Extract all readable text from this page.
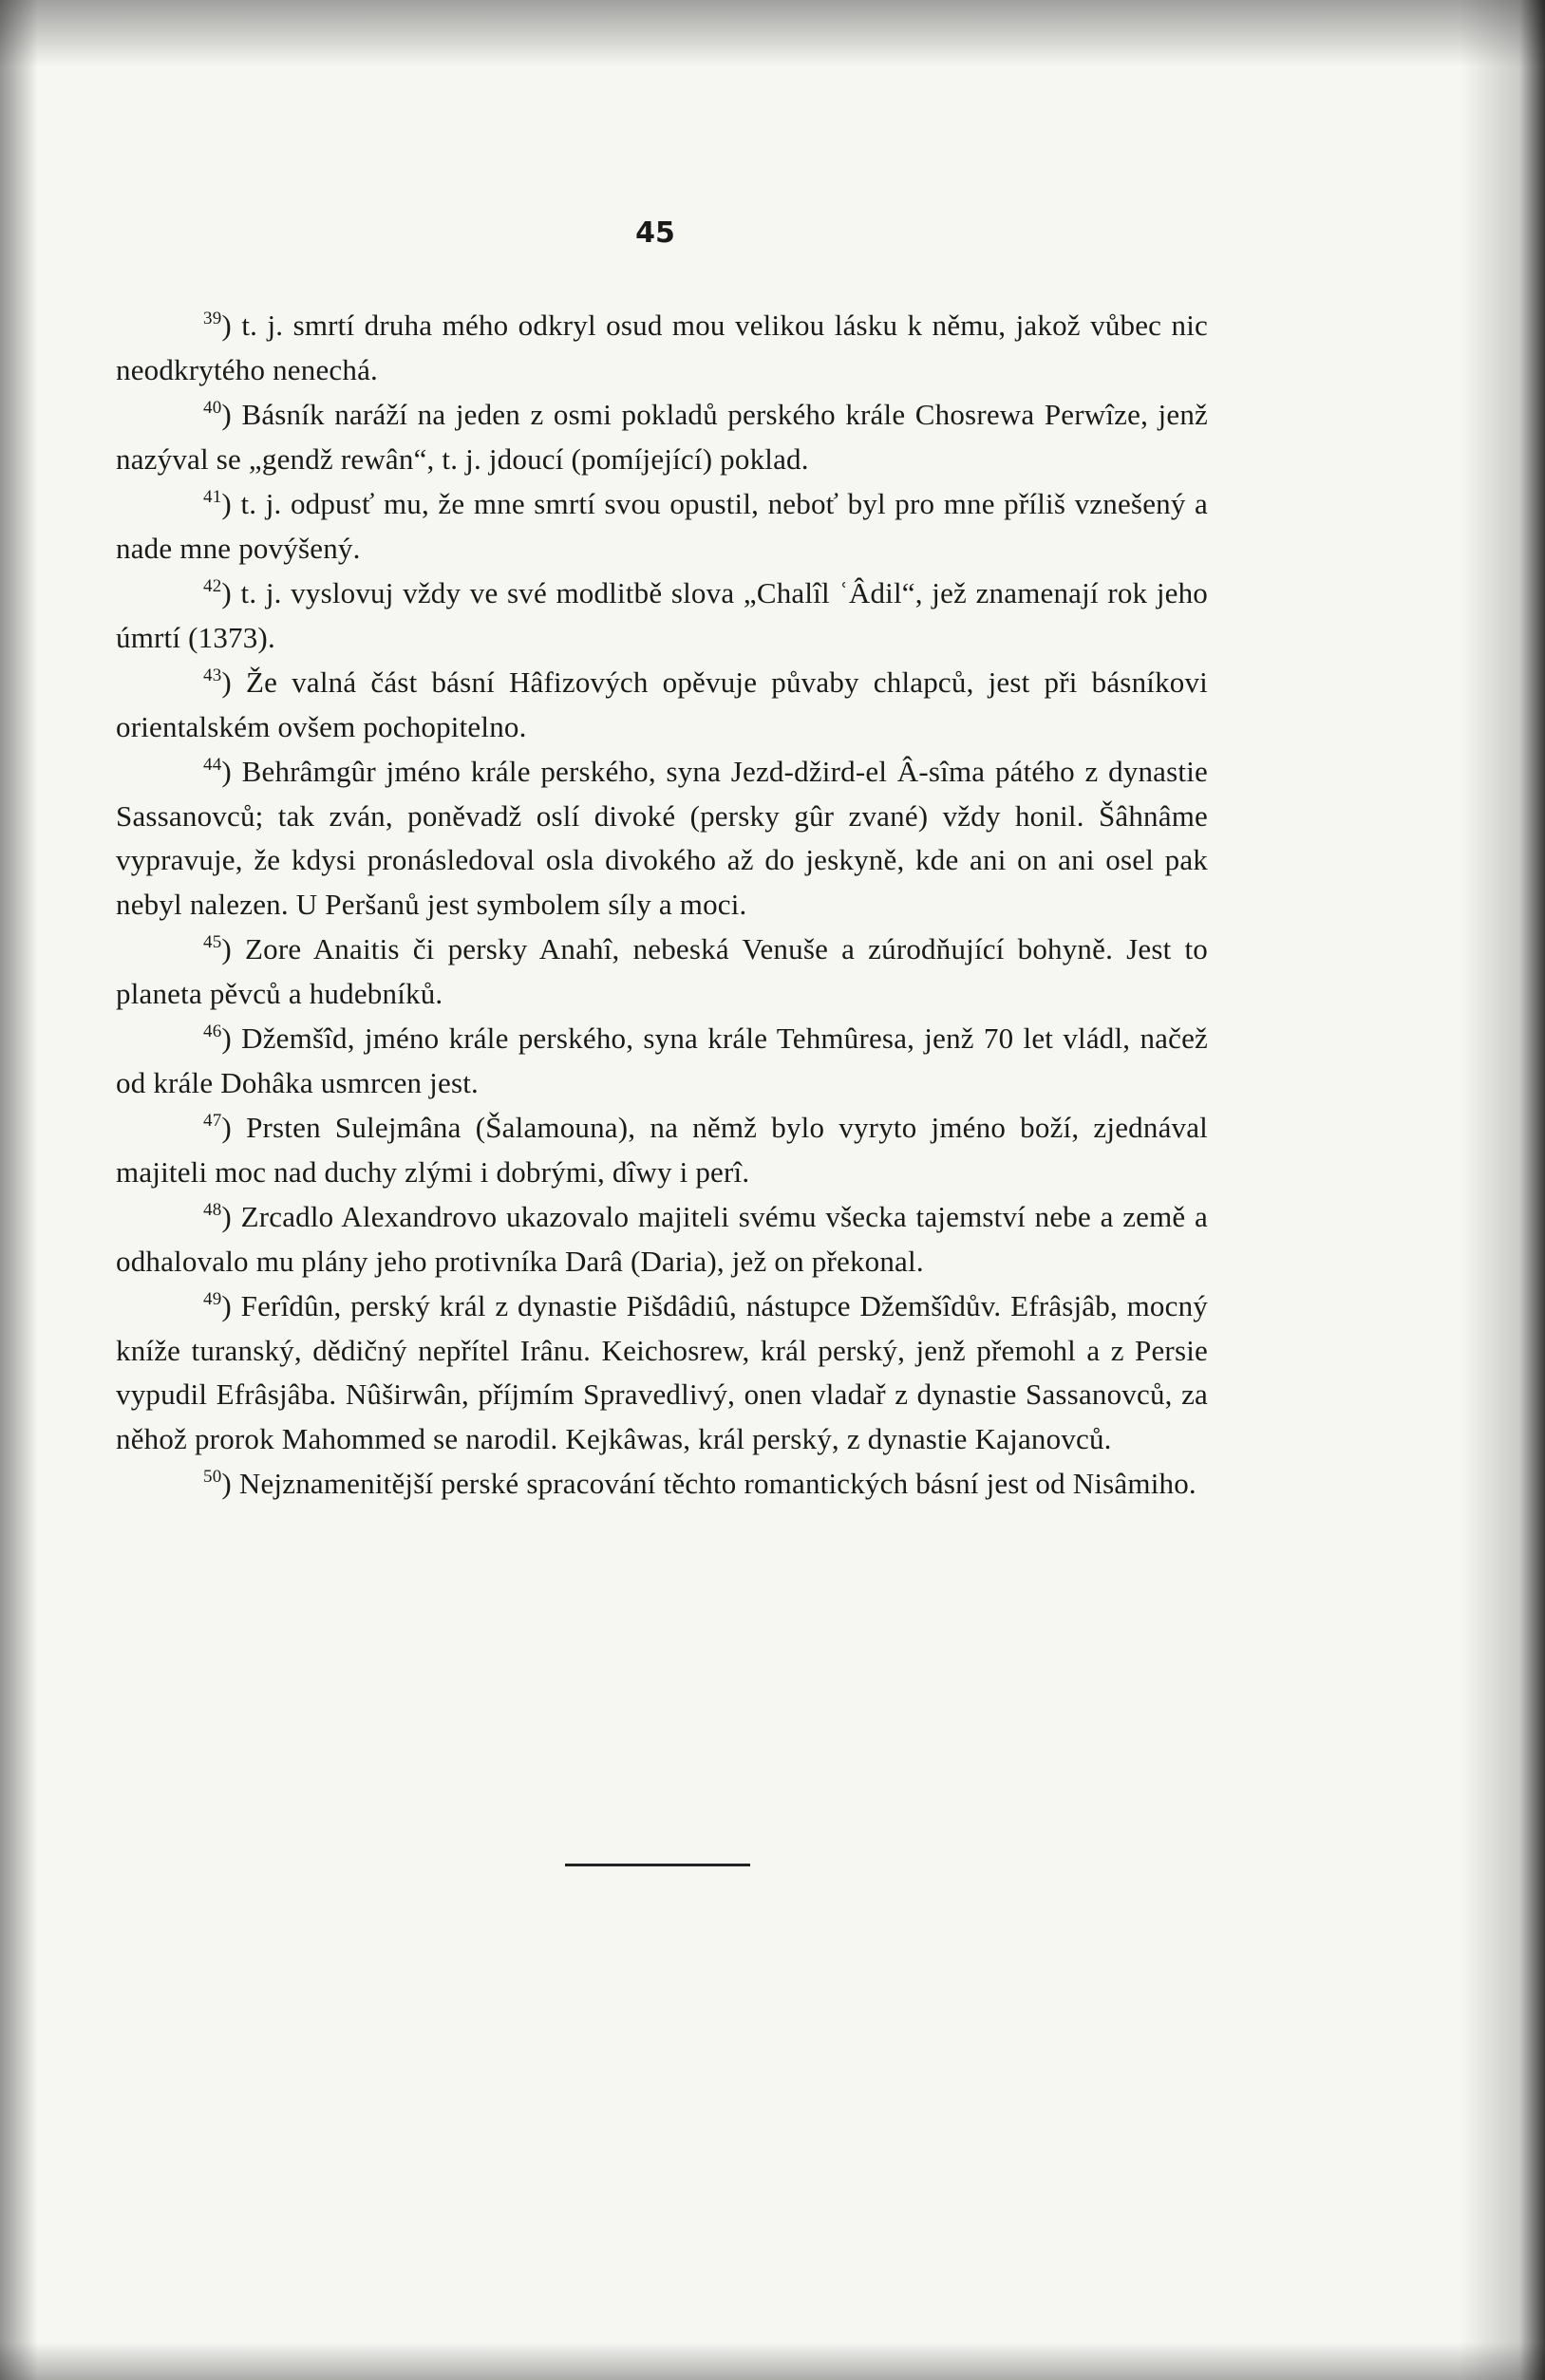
45

$^{39}$) t. j. smrtí druha mého odkryl osud mou velikou lásku k němu, jakož vůbec nic neodkrytého nenechá.

$^{40}$) Básník naráží na jeden z osmi pokladů perského krále Chosrewa Perwîze, jenž nazýval se „gendž rewân“, t. j. jdoucí (pomíjející) poklad.

$^{41}$) t. j. odpusť mu, že mne smrtí svou opustil, neboť byl pro mne příliš vznešený a nade mne povýšený.

$^{42}$) t. j. vyslovuj vždy ve své modlitbě slova „Chalîl ʿÂdil“, jež znamenají rok jeho úmrtí (1373).

$^{43}$) Že valná část básní Hâfizových opěvuje půvaby chlapců, jest při básníkovi orientalském ovšem pochopitelno.

$^{44}$) Behrâmgûr jméno krále perského, syna Jezd-džird-el Â-sîma pátého z dynastie Sassanovců; tak zván, poněvadž oslí divoké (persky gûr zvané) vždy honil. Šâhnâme vypravuje, že kdysi pronásledoval osla divokého až do jeskyně, kde ani on ani osel pak nebyl nalezen. U Peršanů jest symbolem síly a moci.

$^{45}$) Zore Anaitis či persky Anahî, nebeská Venuše a zúrodňující bohyně. Jest to planeta pěvců a hudebníků.

$^{46}$) Džemšîd, jméno krále perského, syna krále Tehmûresa, jenž 70 let vládl, načež od krále Dohâka usmrcen jest.

$^{47}$) Prsten Sulejmâna (Šalamouna), na němž bylo vyryto jméno boží, zjednával majiteli moc nad duchy zlými i dobrými, dîwy i perî.

$^{48}$) Zrcadlo Alexandrovo ukazovalo majiteli svému všecka tajemství nebe a země a odhalovalo mu plány jeho protivníka Darâ (Daria), jež on překonal.

$^{49}$) Ferîdûn, perský král z dynastie Pišdâdiû, nástupce Džemšîdův. Efrâsjâb, mocný kníže turanský, dědičný nepřítel Irânu. Keichosrew, král perský, jenž přemohl a z Persie vypudil Efrâsjâba. Nûširwân, příjmím Spravedlivý, onen vladař z dynastie Sassanovců, za něhož prorok Mahommed se narodil. Kejkâwas, král perský, z dynastie Kajanovců.

$^{50}$) Nejznamenitější perské spracování těchto romantických básní jest od Nisâmiho.
